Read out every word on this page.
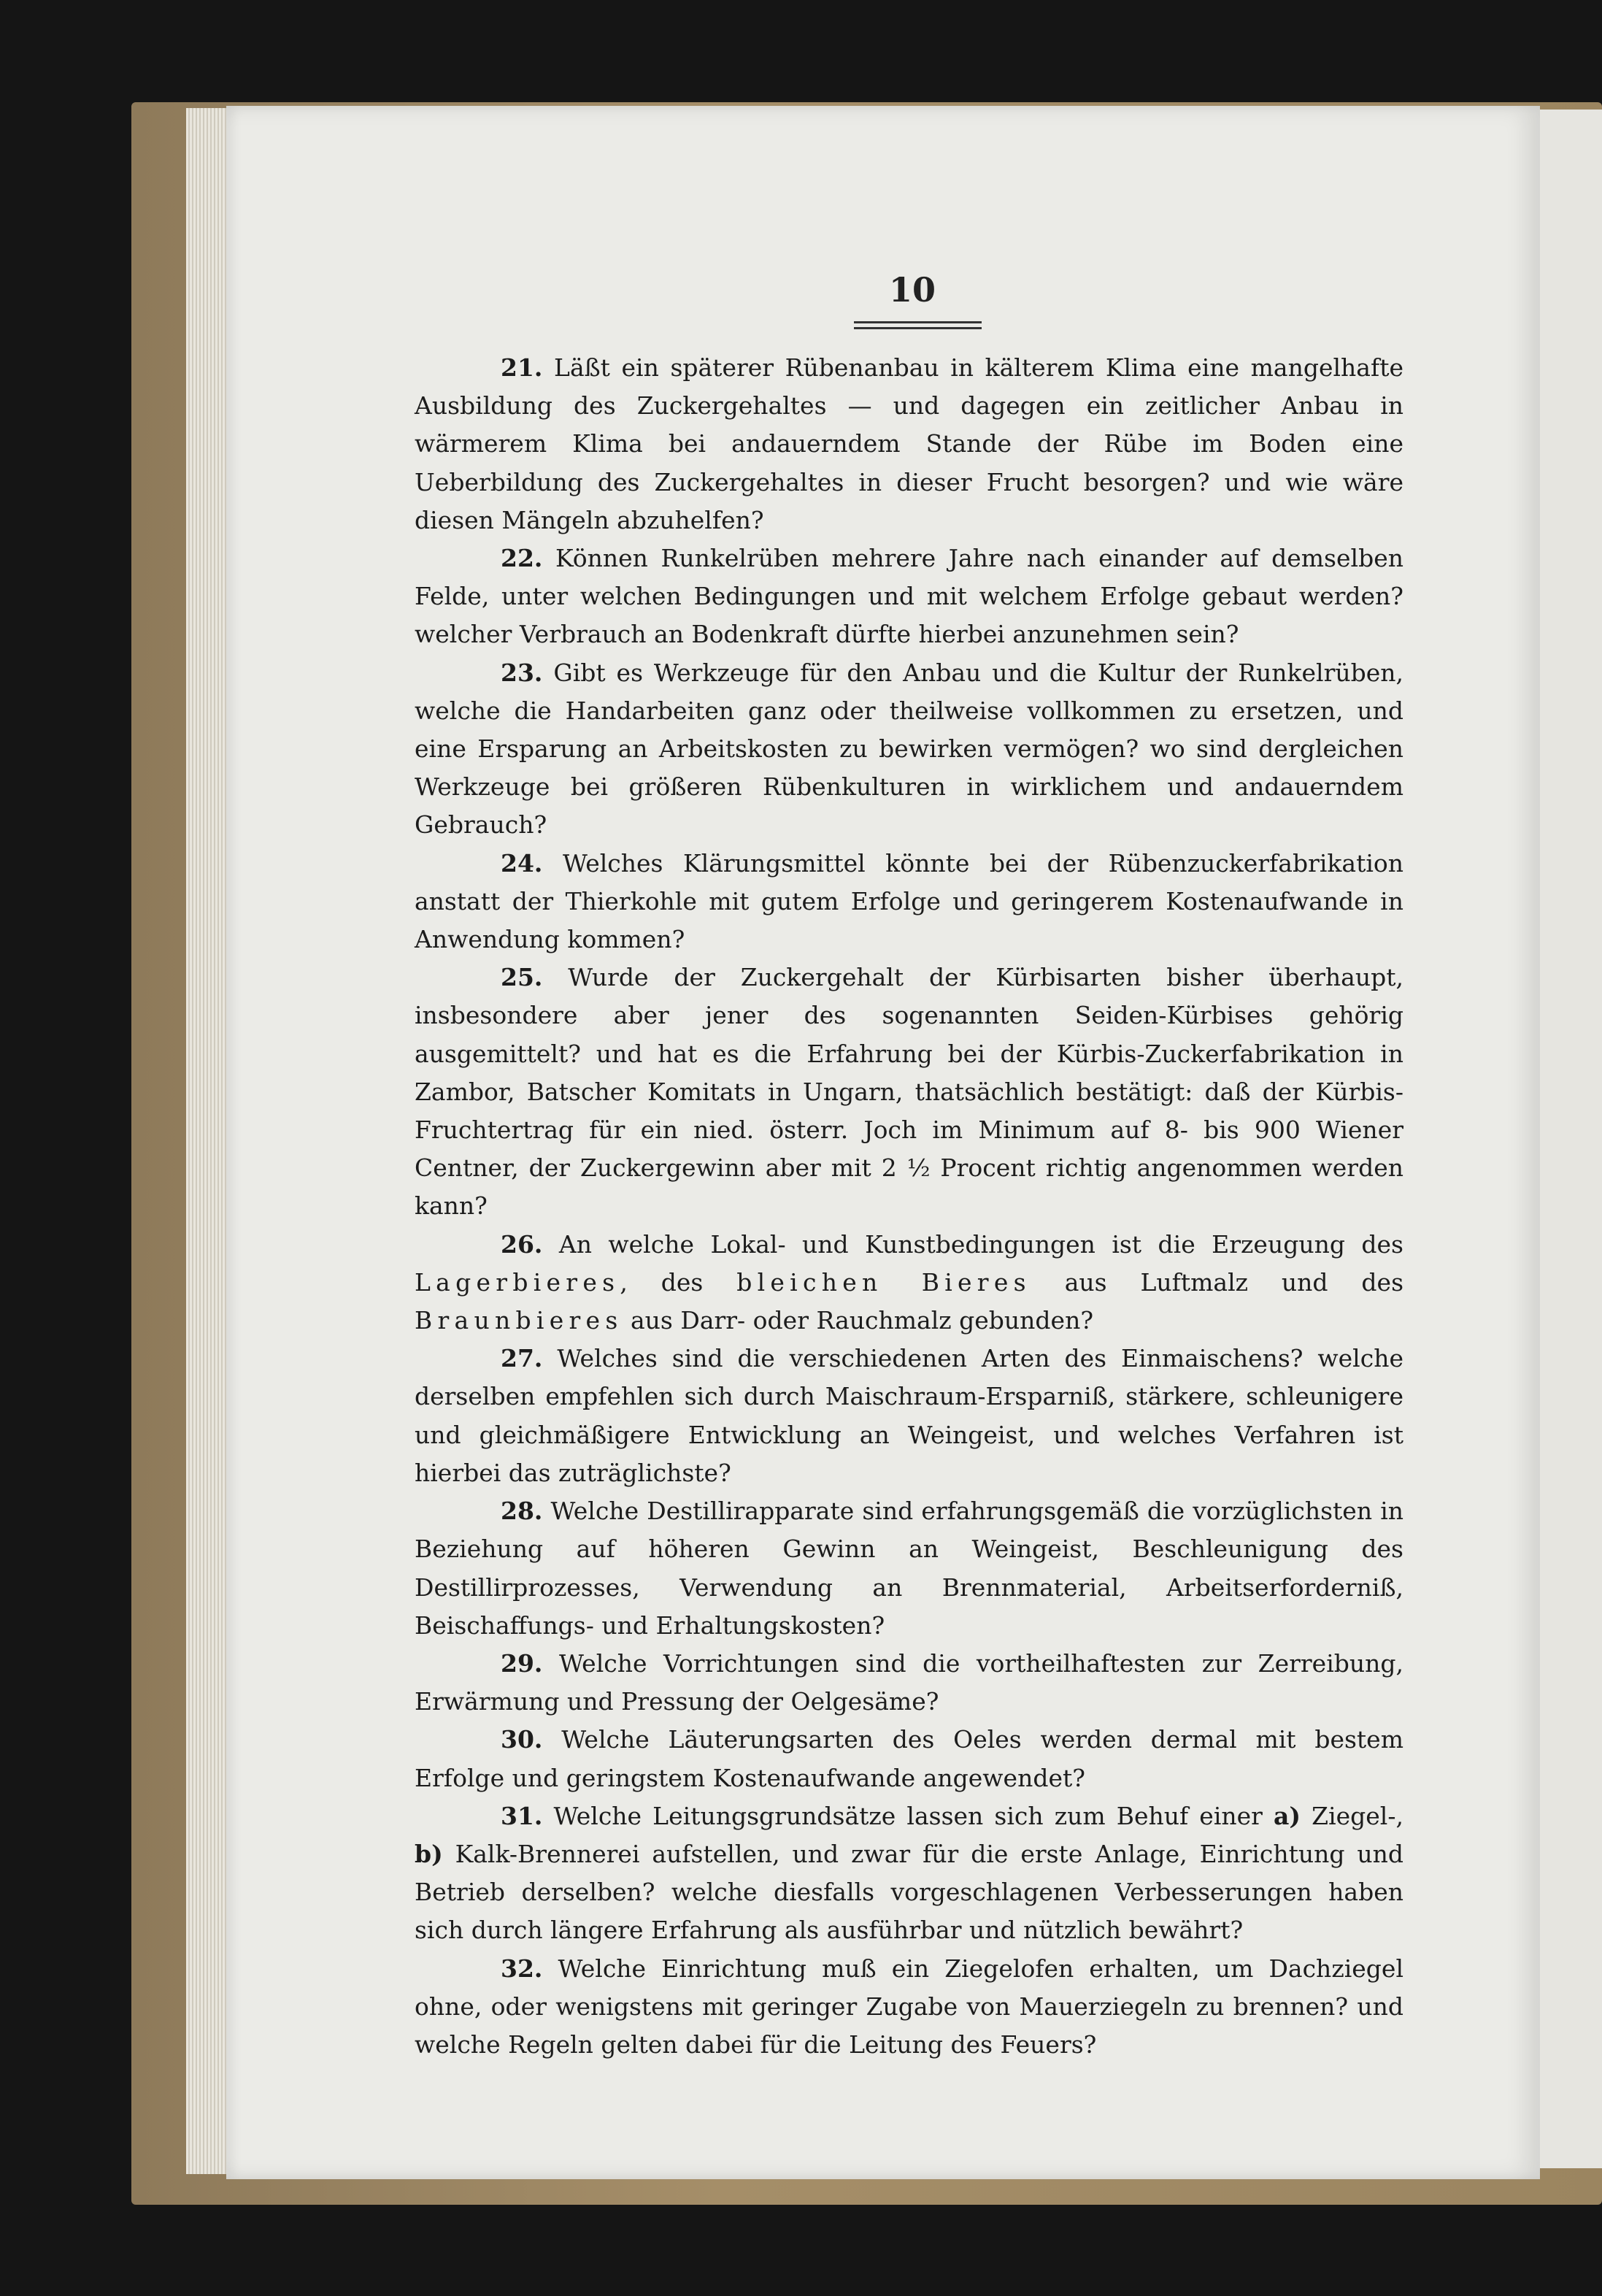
10

21. Läßt ein späterer Rübenanbau in kälterem Klima eine mangelhafte Ausbildung des Zuckergehaltes — und dagegen ein zeitlicher Anbau in wärmerem Klima bei andauerndem Stande der Rübe im Boden eine Ueberbildung des Zuckergehaltes in dieser Frucht besorgen? und wie wäre diesen Mängeln abzuhelfen?

22. Können Runkelrüben mehrere Jahre nach einander auf demselben Felde, unter welchen Bedingungen und mit welchem Erfolge gebaut werden? welcher Verbrauch an Bodenkraft dürfte hierbei anzunehmen sein?

23. Gibt es Werkzeuge für den Anbau und die Kultur der Runkelrüben, welche die Handarbeiten ganz oder theilweise vollkommen zu ersetzen, und eine Ersparung an Arbeitskosten zu bewirken vermögen? wo sind dergleichen Werkzeuge bei größeren Rübenkulturen in wirklichem und andauerndem Gebrauch?

24. Welches Klärungsmittel könnte bei der Rübenzuckerfabrikation anstatt der Thierkohle mit gutem Erfolge und geringerem Kostenaufwande in Anwendung kommen?

25. Wurde der Zuckergehalt der Kürbisarten bisher überhaupt, insbesondere aber jener des sogenannten Seiden-Kürbises gehörig ausgemittelt? und hat es die Erfahrung bei der Kürbis-Zuckerfabrikation in Zambor, Batscher Komitats in Ungarn, thatsächlich bestätigt: daß der Kürbis-Fruchtertrag für ein nied. österr. Joch im Minimum auf 8- bis 900 Wiener Centner, der Zuckergewinn aber mit 2 ½ Procent richtig angenommen werden kann?

26. An welche Lokal- und Kunstbedingungen ist die Erzeugung des Lagerbieres, des bleichen Bieres aus Luftmalz und des Braunbieres aus Darr- oder Rauchmalz gebunden?

27. Welches sind die verschiedenen Arten des Einmaischens? welche derselben empfehlen sich durch Maischraum-Ersparniß, stärkere, schleunigere und gleichmäßigere Entwicklung an Weingeist, und welches Verfahren ist hierbei das zuträglichste?

28. Welche Destillirapparate sind erfahrungsgemäß die vorzüglichsten in Beziehung auf höheren Gewinn an Weingeist, Beschleunigung des Destillirprozesses, Verwendung an Brennmaterial, Arbeitserforderniß, Beischaffungs- und Erhaltungskosten?

29. Welche Vorrichtungen sind die vortheilhaftesten zur Zerreibung, Erwärmung und Pressung der Oelgesäme?

30. Welche Läuterungsarten des Oeles werden dermal mit bestem Erfolge und geringstem Kostenaufwande angewendet?

31. Welche Leitungsgrundsätze lassen sich zum Behuf einer a) Ziegel-, b) Kalk-Brennerei aufstellen, und zwar für die erste Anlage, Einrichtung und Betrieb derselben? welche diesfalls vorgeschlagenen Verbesserungen haben sich durch längere Erfahrung als ausführbar und nützlich bewährt?

32. Welche Einrichtung muß ein Ziegelofen erhalten, um Dachziegel ohne, oder wenigstens mit geringer Zugabe von Mauerziegeln zu brennen? und welche Regeln gelten dabei für die Leitung des Feuers?
